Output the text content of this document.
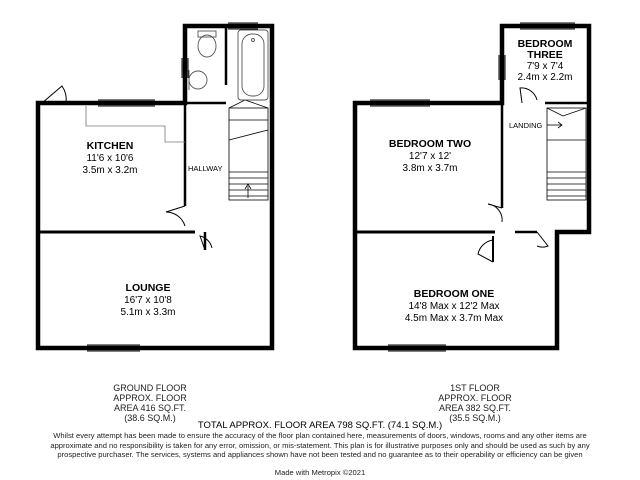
KITCHEN
11'6 x 10'6
3.5m x 3.2m
LOUNGE
16'7 x 10'8
5.1m x 3.3m
HALLWAY
BEDROOM
THREE
7'9 x 7'4
2.4m x 2.2m
BEDROOM TWO
12'7 x 12'
3.8m x 3.7m
BEDROOM ONE
14'8 Max x 12'2 Max
4.5m Max x 3.7m Max
LANDING
GROUND FLOOR
APPROX. FLOOR
AREA 416 SQ.FT.
(38.6 SQ.M.)
1ST FLOOR
APPROX. FLOOR
AREA 382 SQ.FT.
(35.5 SQ.M.)
TOTAL APPROX. FLOOR AREA 798 SQ.FT. (74.1 SQ.M.)
Whilst every attempt has been made to ensure the accuracy of the floor plan contained here, measurements of doors, windows, rooms and any other items are approximate and no responsibility is taken for any error, omission, or mis-statement. This plan is for illustrative purposes only and should be used as such by any prospective purchaser. The services, systems and appliances shown have not been tested and no guarantee as to their operability or efficiency can be given
Made with Metropix ©2021
